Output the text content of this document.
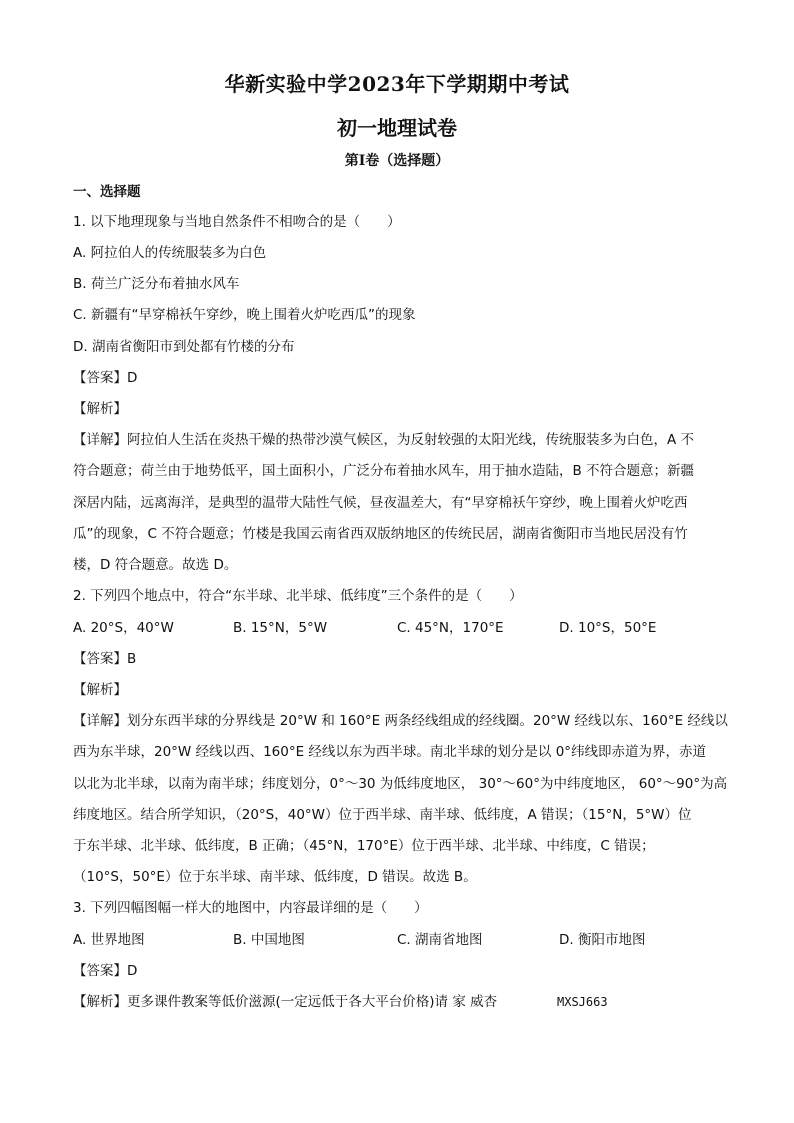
华新实验中学2023年下学期期中考试
初一地理试卷
第Ⅰ卷（选择题）
一、选择题
1. 以下地理现象与当地自然条件不相吻合的是（　　）
A. 阿拉伯人的传统服装多为白色
B. 荷兰广泛分布着抽水风车
C. 新疆有“早穿棉袄午穿纱，晚上围着火炉吃西瓜”的现象
D. 湖南省衡阳市到处都有竹楼的分布
【答案】D
【解析】
【详解】阿拉伯人生活在炎热干燥的热带沙漠气候区，为反射较强的太阳光线，传统服装多为白色，A 不
符合题意；荷兰由于地势低平，国土面积小，广泛分布着抽水风车，用于抽水造陆，B 不符合题意；新疆
深居内陆，远离海洋，是典型的温带大陆性气候，昼夜温差大，有“早穿棉袄午穿纱，晚上围着火炉吃西
瓜”的现象，C 不符合题意；竹楼是我国云南省西双版纳地区的传统民居，湖南省衡阳市当地民居没有竹
楼，D 符合题意。故选 D。
2. 下列四个地点中，符合“东半球、北半球、低纬度”三个条件的是（　　）
A. 20°S，40°W	B. 15°N，5°W	C. 45°N，170°E	D. 10°S，50°E
【答案】B
【解析】
【详解】划分东西半球的分界线是 20°W 和 160°E 两条经线组成的经线圈。20°W 经线以东、160°E 经线以
西为东半球，20°W 经线以西、160°E 经线以东为西半球。南北半球的划分是以 0°纬线即赤道为界，赤道
以北为北半球，以南为南半球；纬度划分，0°～30 为低纬度地区， 30°～60°为中纬度地区， 60°～90°为高
纬度地区。结合所学知识，（20°S，40°W）位于西半球、南半球、低纬度，A 错误；（15°N，5°W）位
于东半球、北半球、低纬度，B 正确；（45°N，170°E）位于西半球、北半球、中纬度，C 错误；
（10°S，50°E）位于东半球、南半球、低纬度，D 错误。故选 B。
3. 下列四幅图幅一样大的地图中，内容最详细的是（　　）
A. 世界地图	B. 中国地图	C. 湖南省地图	D. 衡阳市地图
【答案】D
【解析】更多课件教案等低价滋源(一定远低于各大平台价格)请 家 威杏	MXSJ663
